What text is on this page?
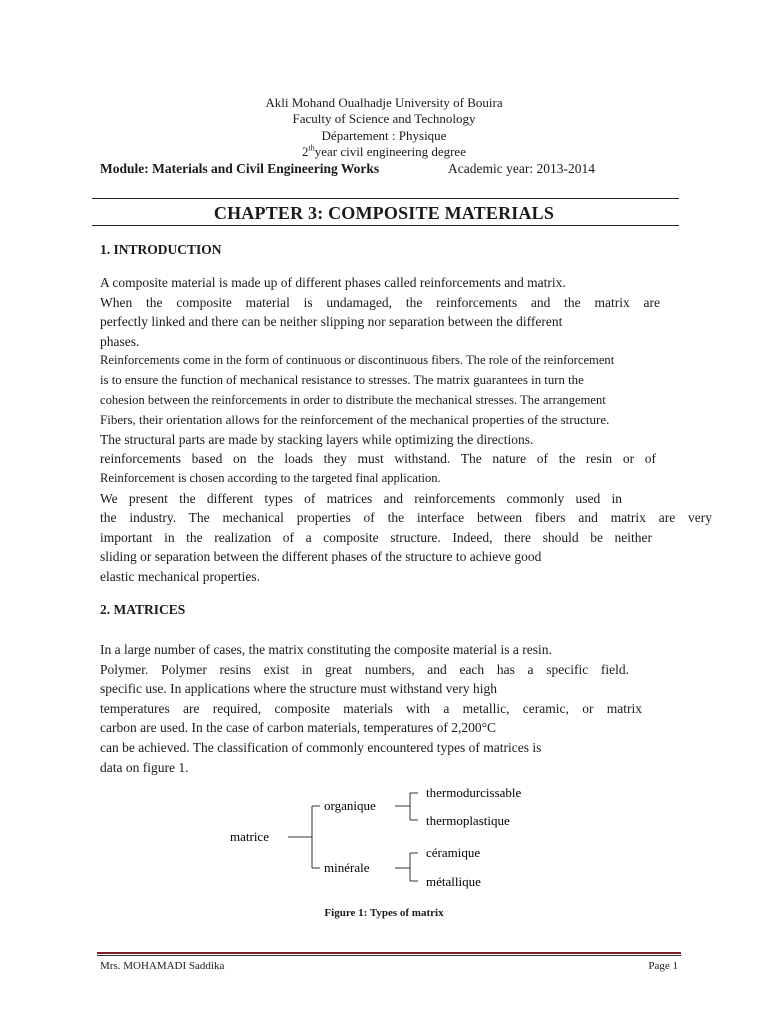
Akli Mohand Oualhadje University of Bouira
Faculty of Science and Technology
Département : Physique
2thyear civil engineering degree
Module: Materials and Civil Engineering Works	Academic year: 2013-2014
CHAPTER 3: COMPOSITE MATERIALS
1. INTRODUCTION
A composite material is made up of different phases called reinforcements and matrix.
When the composite material is undamaged, the reinforcements and the matrix are
perfectly linked and there can be neither slipping nor separation between the different
phases.
Reinforcements come in the form of continuous or discontinuous fibers. The role of the reinforcement
is to ensure the function of mechanical resistance to stresses. The matrix guarantees in turn the
cohesion between the reinforcements in order to distribute the mechanical stresses. The arrangement
Fibers, their orientation allows for the reinforcement of the mechanical properties of the structure.
The structural parts are made by stacking layers while optimizing the directions.
reinforcements based on the loads they must withstand. The nature of the resin or of
Reinforcement is chosen according to the targeted final application.
We present the different types of matrices and reinforcements commonly used in
the industry. The mechanical properties of the interface between fibers and matrix are very
important in the realization of a composite structure. Indeed, there should be neither
sliding or separation between the different phases of the structure to achieve good
elastic mechanical properties.
2. MATRICES
In a large number of cases, the matrix constituting the composite material is a resin.
Polymer. Polymer resins exist in great numbers, and each has a specific field.
specific use. In applications where the structure must withstand very high
temperatures are required, composite materials with a metallic, ceramic, or matrix
carbon are used. In the case of carbon materials, temperatures of 2,200°C
can be achieved. The classification of commonly encountered types of matrices is
data on figure 1.
matrice
organique
thermodurcissable
thermoplastique
minérale
céramique
métallique
Figure 1: Types of matrix
Mrs. MOHAMADI Saddika	Page 1
